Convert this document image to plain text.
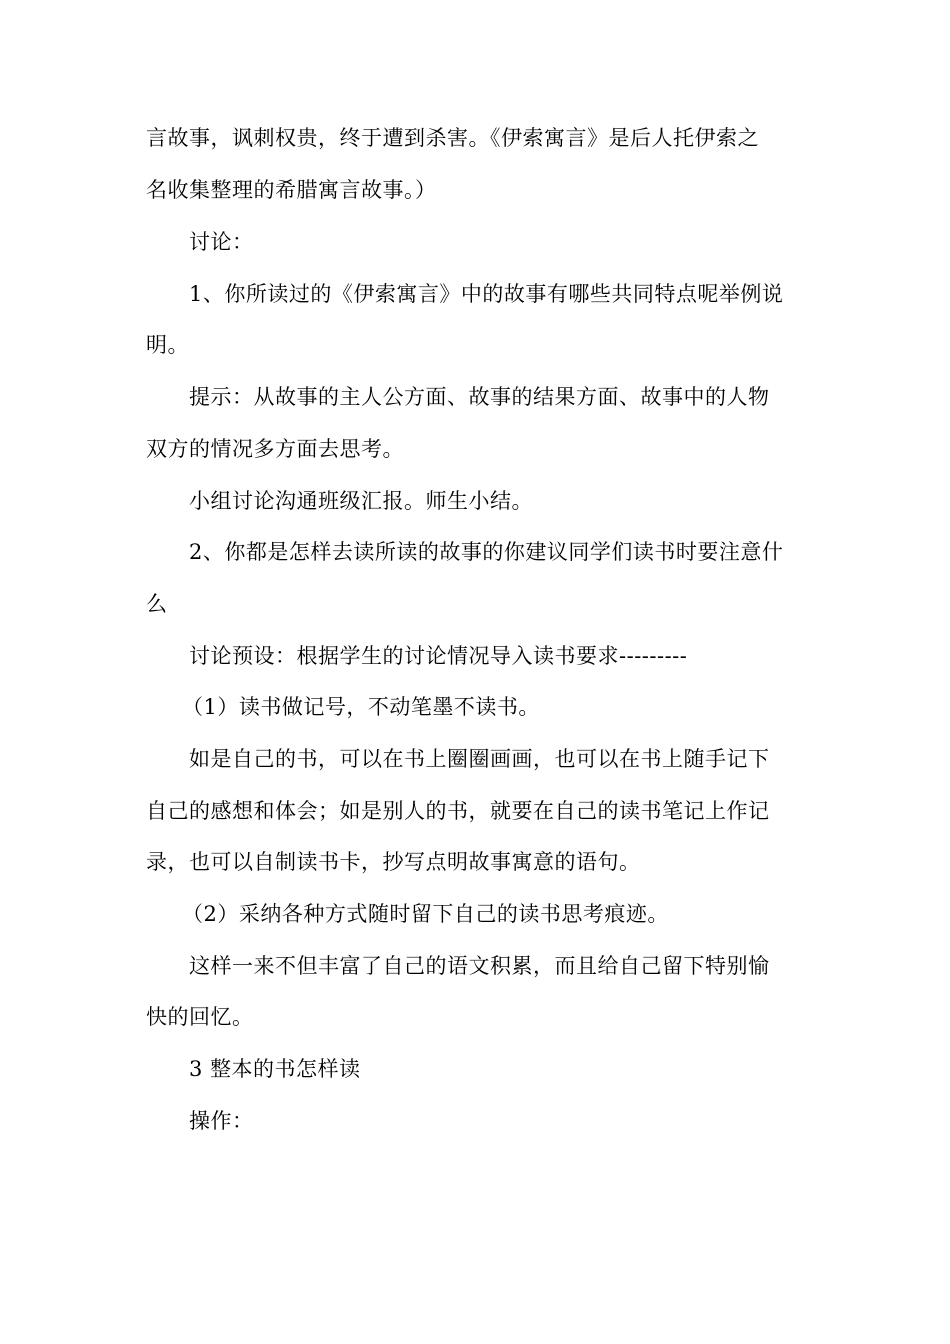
言故事，讽刺权贵，终于遭到杀害。《伊索寓言》是后人托伊索之
名收集整理的希腊寓言故事。）
讨论：
1、你所读过的《伊索寓言》中的故事有哪些共同特点呢举例说
明。
提示：从故事的主人公方面、故事的结果方面、故事中的人物
双方的情况多方面去思考。
小组讨论沟通班级汇报。师生小结。
2、你都是怎样去读所读的故事的你建议同学们读书时要注意什
么
讨论预设：根据学生的讨论情况导入读书要求---------
（1）读书做记号，不动笔墨不读书。
如是自己的书，可以在书上圈圈画画，也可以在书上随手记下
自己的感想和体会；如是别人的书，就要在自己的读书笔记上作记
录，也可以自制读书卡，抄写点明故事寓意的语句。
（2）采纳各种方式随时留下自己的读书思考痕迹。
这样一来不但丰富了自己的语文积累，而且给自己留下特别愉
快的回忆。
3 整本的书怎样读
操作：
